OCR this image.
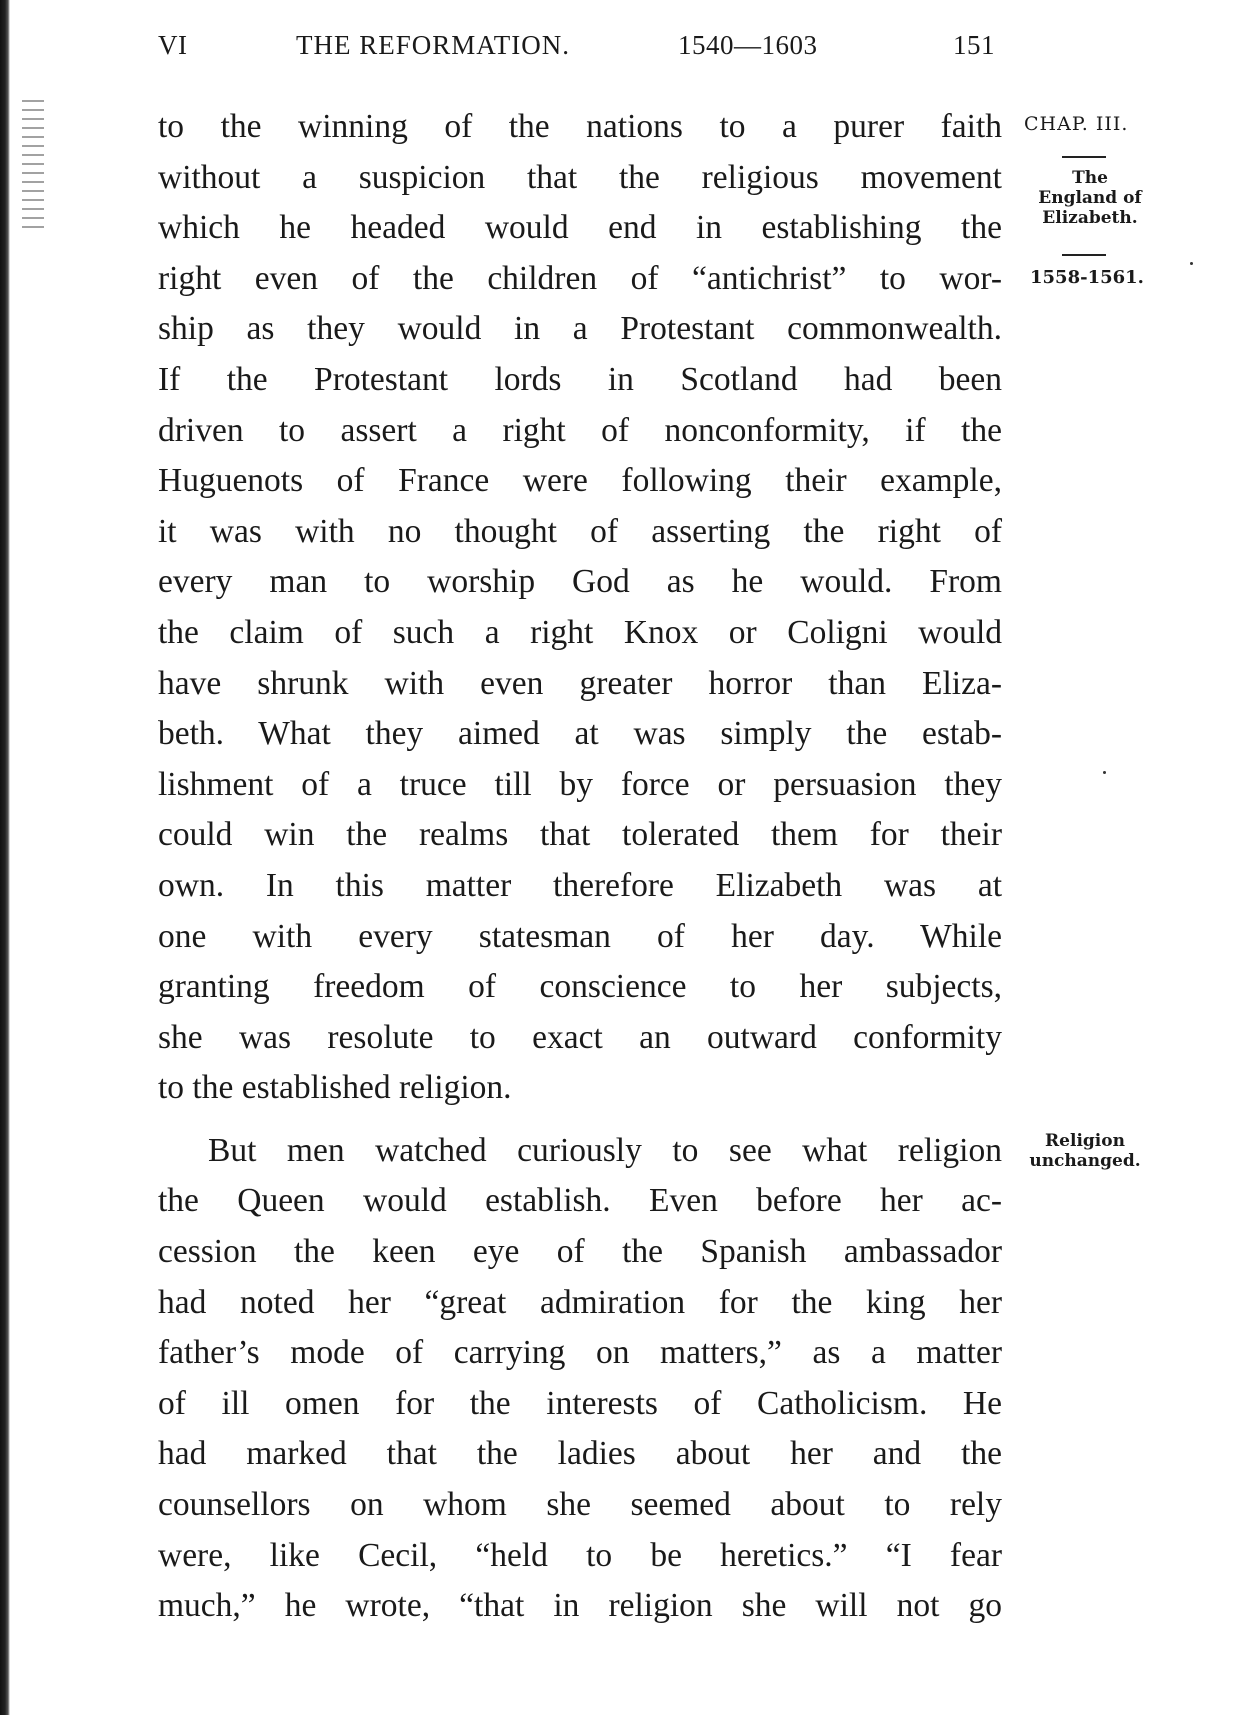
VI	THE REFORMATION.	1540—1603	151
to the winning of the nations to a purer faith
without a suspicion that the religious movement
which he headed would end in establishing the
right even of the children of “antichrist” to wor-
ship as they would in a Protestant commonwealth.
If the Protestant lords in Scotland had been
driven to assert a right of nonconformity, if the
Huguenots of France were following their example,
it was with no thought of asserting the right of
every man to worship God as he would. From
the claim of such a right Knox or Coligni would
have shrunk with even greater horror than Eliza-
beth. What they aimed at was simply the estab-
lishment of a truce till by force or persuasion they
could win the realms that tolerated them for their
own. In this matter therefore Elizabeth was at
one with every statesman of her day. While
granting freedom of conscience to her subjects,
she was resolute to exact an outward conformity
to the established religion.
But men watched curiously to see what religion
the Queen would establish. Even before her ac-
cession the keen eye of the Spanish ambassador
had noted her “great admiration for the king her
father’s mode of carrying on matters,” as a matter
of ill omen for the interests of Catholicism. He
had marked that the ladies about her and the
counsellors on whom she seemed about to rely
were, like Cecil, “held to be heretics.” “I fear
much,” he wrote, “that in religion she will not go
CHAP. III.
The
England of
Elizabeth.
1558-1561.
Religion
unchanged.
